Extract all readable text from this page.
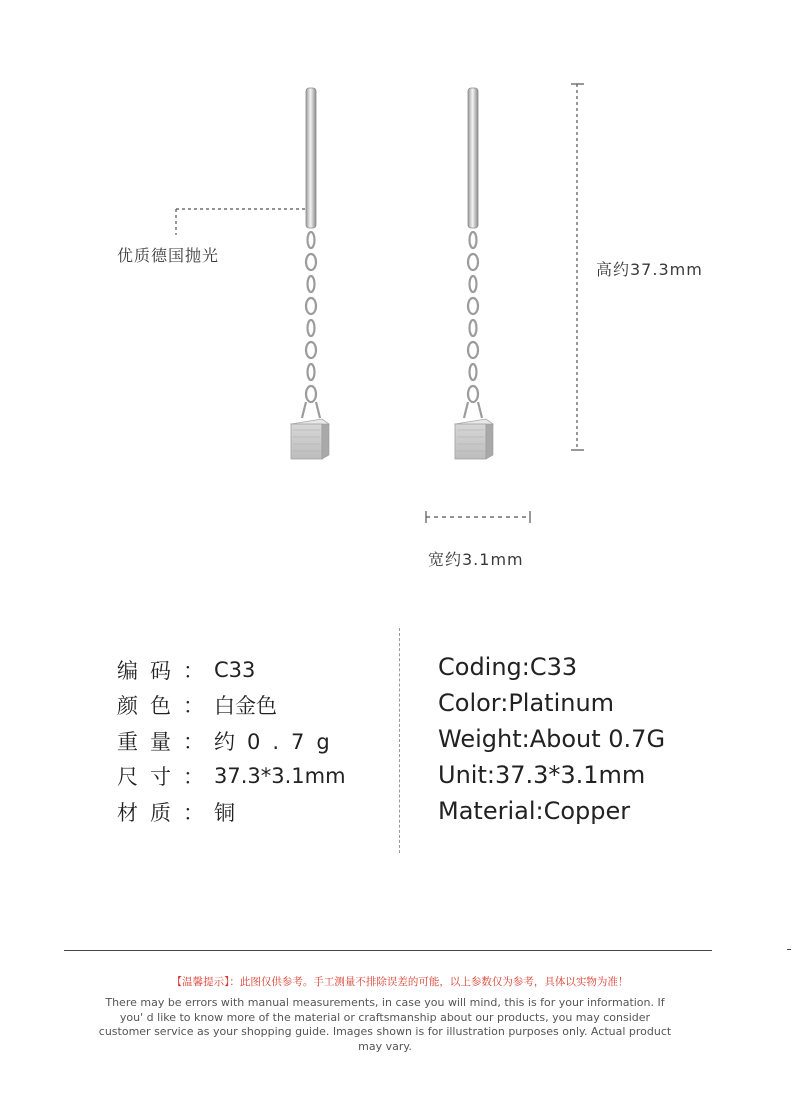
优质德国抛光
高约37.3mm
宽约3.1mm
编码 ： C33
颜色 ： 白金色
重量 ： 约0.7g
尺寸 ： 37.3*3.1mm
材质 ： 铜
Coding:C33
Color:Platinum
Weight:About 0.7G
Unit:37.3*3.1mm
Material:Copper
【温馨提示】：此图仅供参考。手工测量不排除误差的可能，以上参数仅为参考，具体以实物为准！
There may be errors with manual measurements, in case you will mind, this is for your information. If you' d like to know more of the material or craftsmanship about our products, you may consider customer service as your shopping guide. Images shown is for illustration purposes only. Actual product may vary.
